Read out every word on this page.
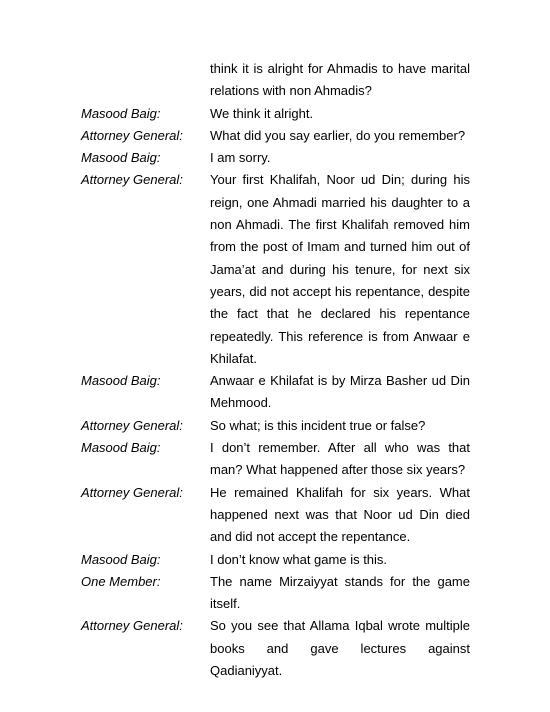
think it is alright for Ahmadis to have marital relations with non Ahmadis?
Masood Baig:	We think it alright.
Attorney General: What did you say earlier, do you remember?
Masood Baig:	I am sorry.
Attorney General: Your first Khalifah, Noor ud Din; during his reign, one Ahmadi married his daughter to a non Ahmadi. The first Khalifah removed him from the post of Imam and turned him out of Jama’at and during his tenure, for next six years, did not accept his repentance, despite the fact that he declared his repentance repeatedly. This reference is from Anwaar e Khilafat.
Masood Baig:	Anwaar e Khilafat is by Mirza Basher ud Din Mehmood.
Attorney General: So what; is this incident true or false?
Masood Baig:	I don’t remember. After all who was that man? What happened after those six years?
Attorney General: He remained Khalifah for six years. What happened next was that Noor ud Din died and did not accept the repentance.
Masood Baig:	I don’t know what game is this.
One Member:	The name Mirzaiyyat stands for the game itself.
Attorney General: So you see that Allama Iqbal wrote multiple books and gave lectures against Qadianiyyat.
